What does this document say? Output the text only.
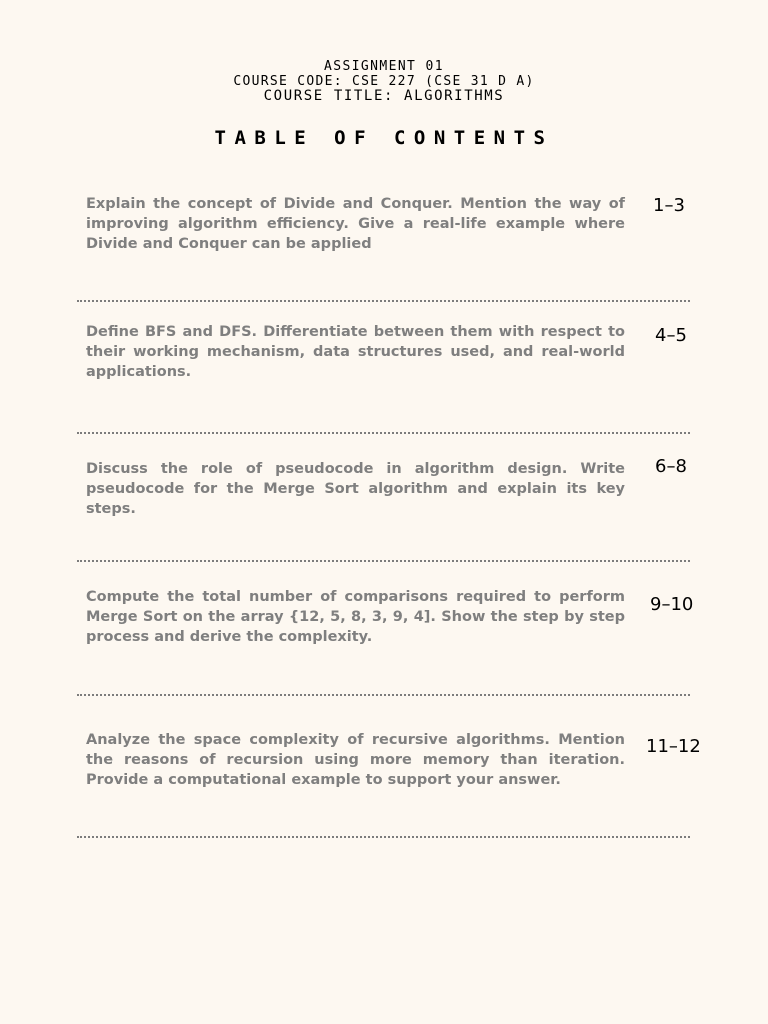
ASSIGNMENT 01
COURSE CODE: CSE 227 (CSE 31 D A)
COURSE TITLE: ALGORITHMS
TABLE OF CONTENTS
Explain the concept of Divide and Conquer. Mention the way of improving algorithm efficiency. Give a real-life example where Divide and Conquer can be applied
1–3
Define BFS and DFS. Differentiate between them with respect to their working mechanism, data structures used, and real-world applications.
4–5
Discuss the role of pseudocode in algorithm design. Write pseudocode for the Merge Sort algorithm and explain its key steps.
6–8
Compute the total number of comparisons required to perform Merge Sort on the array {12, 5, 8, 3, 9, 4]. Show the step by step process and derive the complexity.
9–10
Analyze the space complexity of recursive algorithms. Mention the reasons of recursion using more memory than iteration. Provide a computational example to support your answer.
11–12
